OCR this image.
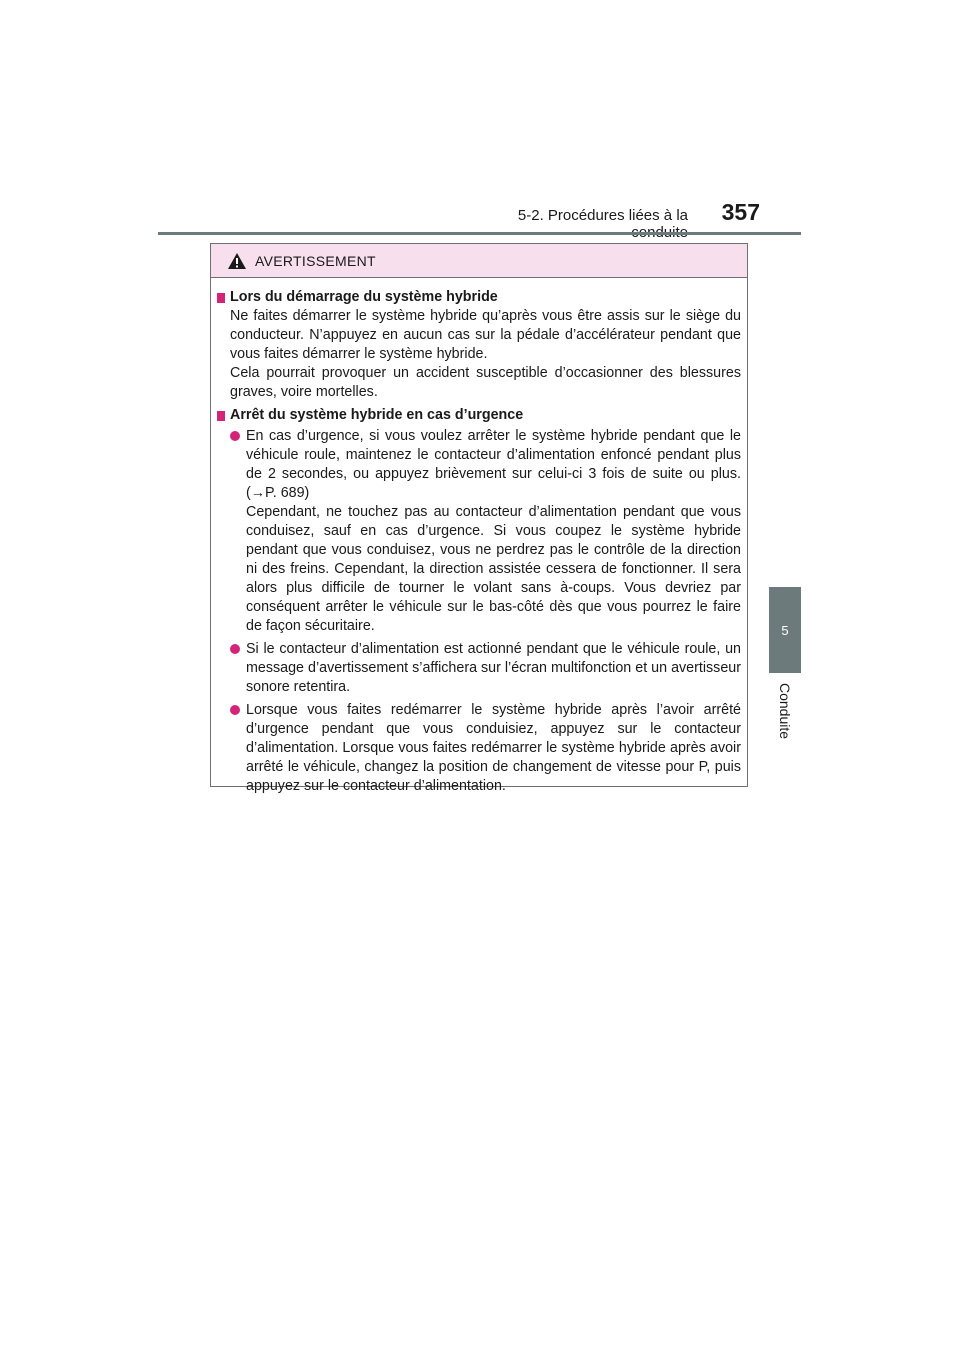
5-2. Procédures liées à la	357
5
Conduite
AVERTISSEMENT
Lors du démarrage du système hybride
Ne faites démarrer le système hybride qu’après vous être assis sur le siège du conducteur. N’appuyez en aucun cas sur la pédale d’accélérateur pendant que vous faites démarrer le système hybride.
Cela pourrait provoquer un accident susceptible d’occasionner des blessures graves, voire mortelles.
Arrêt du système hybride en cas d’urgence
En cas d’urgence, si vous voulez arrêter le système hybride pendant que le véhicule roule, maintenez le contacteur d’alimentation enfoncé pendant plus de 2 secondes, ou appuyez brièvement sur celui-ci 3 fois de suite ou plus. (→P. 689)
Cependant, ne touchez pas au contacteur d’alimentation pendant que vous conduisez, sauf en cas d’urgence. Si vous coupez le système hybride pendant que vous conduisez, vous ne perdrez pas le contrôle de la direction ni des freins. Cependant, la direction assistée cessera de fonctionner. Il sera alors plus difficile de tourner le volant sans à-coups. Vous devriez par conséquent arrêter le véhicule sur le bas-côté dès que vous pourrez le faire de façon sécuritaire.
Si le contacteur d’alimentation est actionné pendant que le véhicule roule, un message d’avertissement s’affichera sur l’écran multifonction et un avertisseur sonore retentira.
Lorsque vous faites redémarrer le système hybride après l’avoir arrêté d’urgence pendant que vous conduisiez, appuyez sur le contacteur d’alimentation. Lorsque vous faites redémarrer le système hybride après avoir arrêté le véhicule, changez la position de changement de vitesse pour P, puis appuyez sur le contacteur d’alimentation.
